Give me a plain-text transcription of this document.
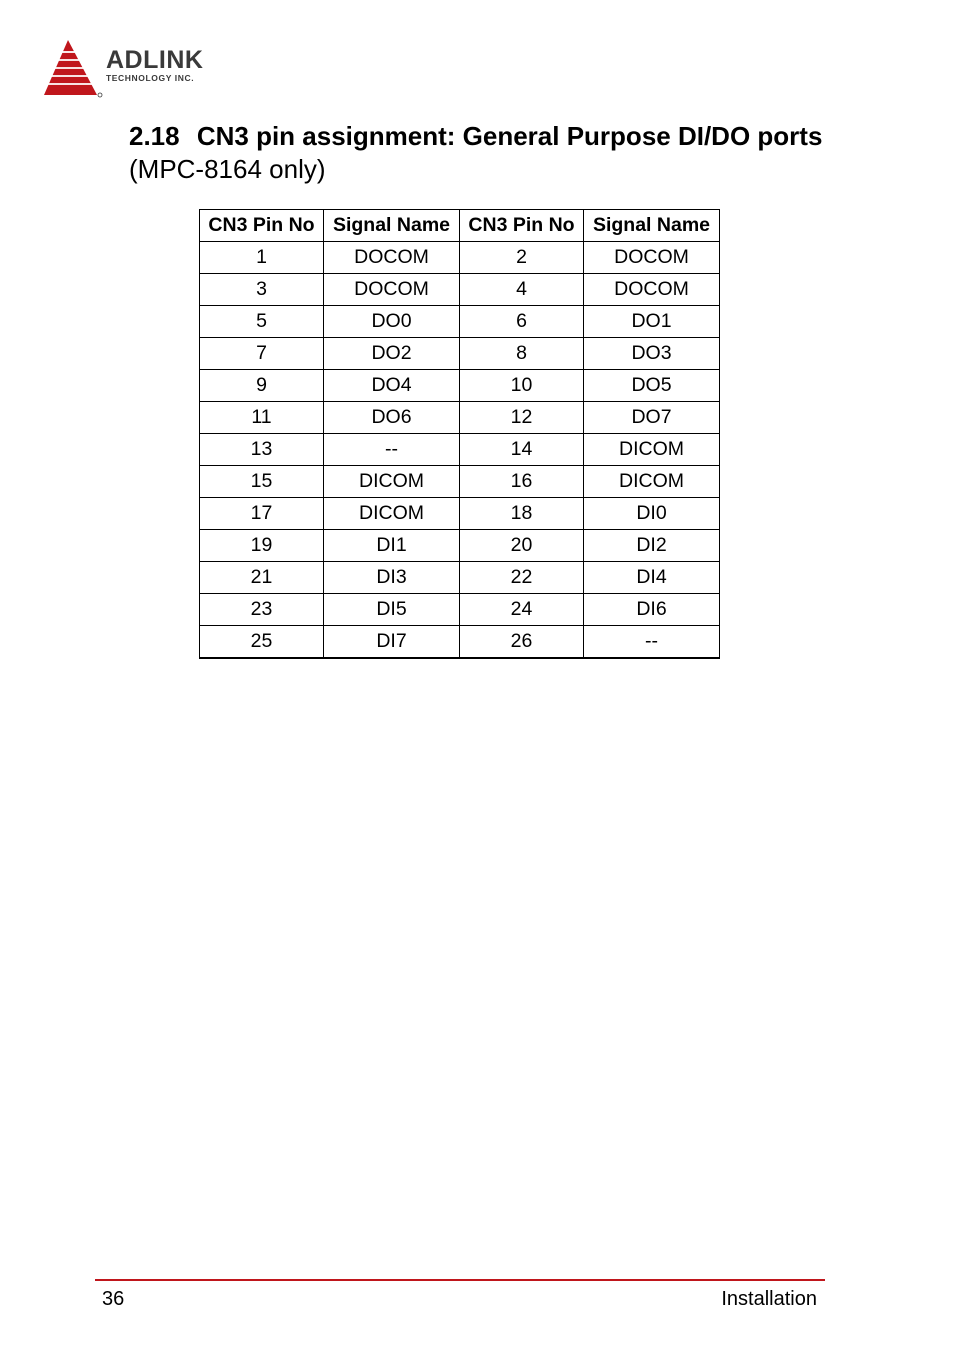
ADLINK
TECHNOLOGY INC.
2.18 CN3 pin assignment: General Purpose DI/DO ports (MPC-8164 only)
CN3 Pin No	Signal Name	CN3 Pin No	Signal Name
1	DOCOM	2	DOCOM
3	DOCOM	4	DOCOM
5	DO0	6	DO1
7	DO2	8	DO3
9	DO4	10	DO5
11	DO6	12	DO7
13	--	14	DICOM
15	DICOM	16	DICOM
17	DICOM	18	DI0
19	DI1	20	DI2
21	DI3	22	DI4
23	DI5	24	DI6
25	DI7	26	--
36	Installation
